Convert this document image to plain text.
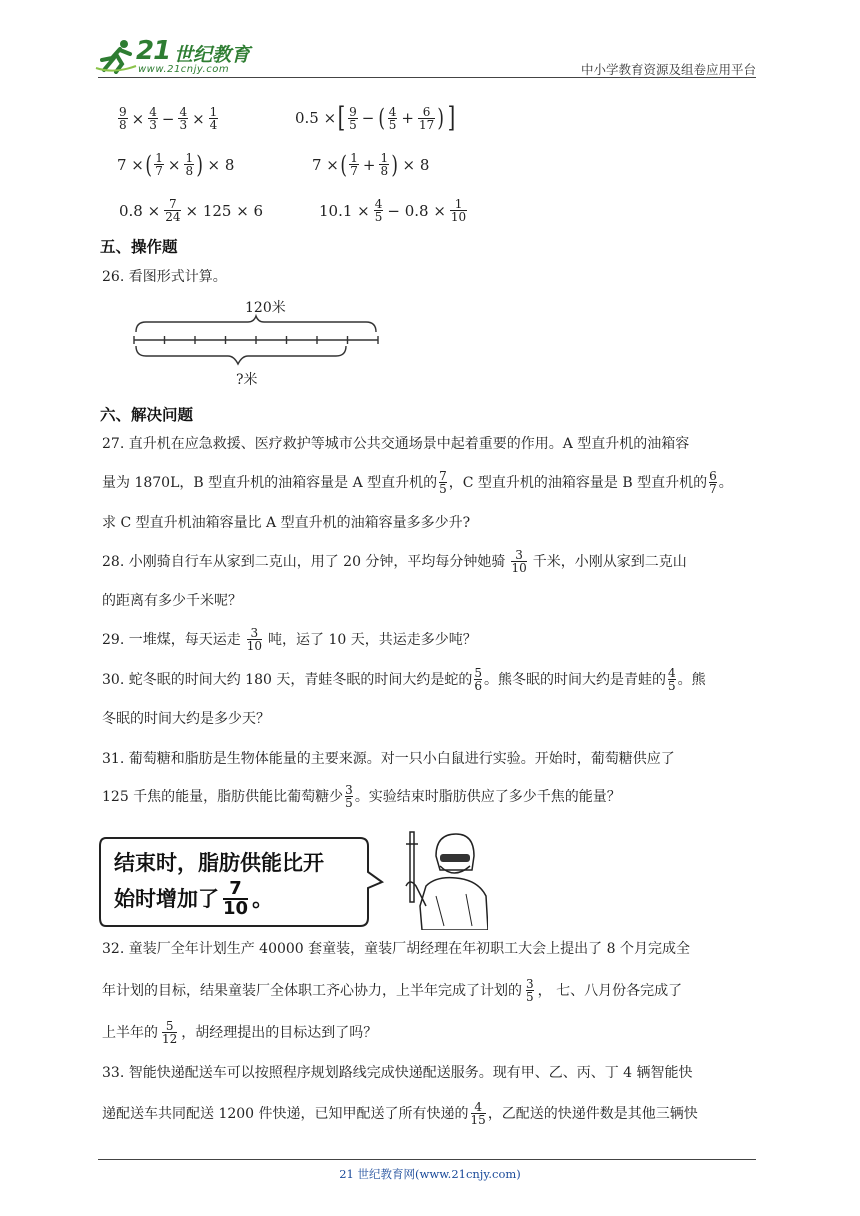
21 世纪教育
www.21cnjy.com	中小学教育资源及组卷应用平台
$\frac{9}{8} \times \frac{4}{3} - \frac{4}{3} \times \frac{1}{4}$	0.5 × [ $\frac{9}{5}$ − ( $\frac{4}{5} + \frac{6}{17}$ ) ]
7 × ( $\frac{1}{7} \times \frac{1}{8}$ ) × 8	7 × ( $\frac{1}{7} + \frac{1}{8}$ ) × 8
$0.8 \times \frac{7}{24} \times 125 \times 6$	$10.1 \times \frac{4}{5} - 0.8 \times \frac{1}{10}$
五、操作题
26. 看图形式计算。
120米
?米
六、解决问题
27. 直升机在应急救援、医疗救护等城市公共交通场景中起着重要的作用。A 型直升机的油箱容
量为 1870L，B 型直升机的油箱容量是 A 型直升机的 7
5 ，C 型直升机的油箱容量是 B 型直升机的 6
7 。
求 C 型直升机油箱容量比 A 型直升机的油箱容量多多少升?
28. 小刚骑自行车从家到二克山，用了 20 分钟，平均每分钟她骑 3
10 千米，小刚从家到二克山
的距离有多少千米呢？
29. 一堆煤，每天运走 3
10 吨，运了 10 天，共运走多少吨？
30. 蛇冬眠的时间大约 180 天，青蛙冬眠的时间大约是蛇的 5
6 。熊冬眠的时间大约是青蛙的 4
5 。熊
冬眠的时间大约是多少天？
31. 葡萄糖和脂肪是生物体能量的主要来源。对一只小白鼠进行实验。开始时，葡萄糖供应了
125 千焦的能量，脂肪供能比葡萄糖少 3
5 。实验结束时脂肪供应了多少千焦的能量？
结束时，脂肪供能比开
始时增加了 7
10 。
32. 童装厂全年计划生产 40000 套童装，童装厂胡经理在年初职工大会上提出了 8 个月完成全
年计划的目标，结果童装厂全体职工齐心协力，上半年完成了计划的 3
5 ， 七、八月份各完成了
上半年的 5
12 ，胡经理提出的目标达到了吗？
33. 智能快递配送车可以按照程序规划路线完成快递配送服务。现有甲、乙、丙、丁 4 辆智能快
递配送车共同配送 1200 件快递，已知甲配送了所有快递的 4
15 ，乙配送的快递件数是其他三辆快
21 世纪教育网(www.21cnjy.com)
